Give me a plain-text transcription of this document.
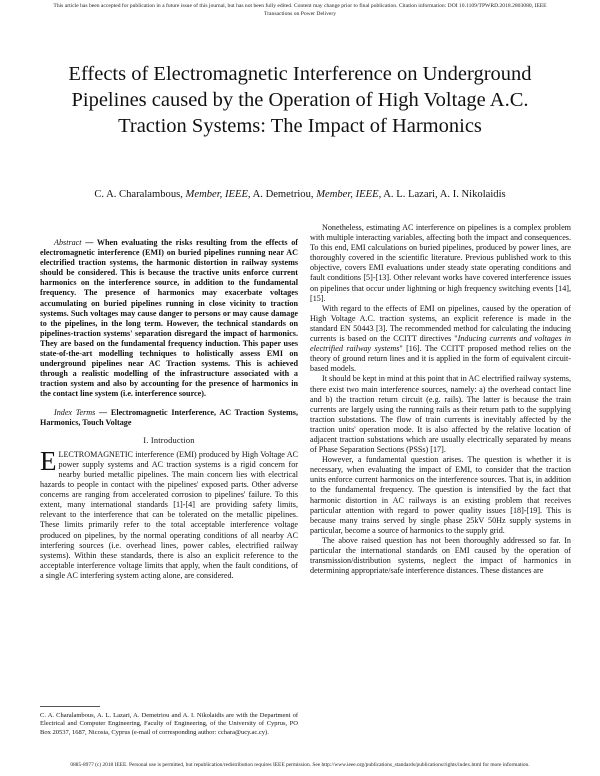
This article has been accepted for publication in a future issue of this journal, but has not been fully edited. Content may change prior to final publication. Citation information: DOI 10.1109/TPWRD.2018.2803080, IEEE
Transactions on Power Delivery
Effects of Electromagnetic Interference on Underground Pipelines caused by the Operation of High Voltage A.C. Traction Systems: The Impact of Harmonics
C. A. Charalambous, Member, IEEE, A. Demetriou, Member, IEEE, A. L. Lazari, A. I. Nikolaidis

Abstract — When evaluating the risks resulting from the effects of electromagnetic interference (EMI) on buried pipelines running near AC electrified traction systems, the harmonic distortion in railway systems should be considered. This is because the tractive units enforce current harmonics on the interference source, in addition to the fundamental frequency. The presence of harmonics may exacerbate voltages accumulating on buried pipelines running in close vicinity to traction systems. Such voltages may cause danger to persons or may cause damage to the pipelines, in the long term. However, the technical standards on pipelines-traction systems' separation disregard the impact of harmonics. They are based on the fundamental frequency induction. This paper uses state-of-the-art modelling techniques to holistically assess EMI on underground pipelines near AC Traction systems. This is achieved through a realistic modelling of the infrastructure associated with a traction system and also by accounting for the presence of harmonics in the contact line system (i.e. interference source).

Index Terms — Electromagnetic Interference, AC Traction Systems, Harmonics, Touch Voltage

I. Introduction

ELECTROMAGNETIC interference (EMI) produced by High Voltage AC power supply systems and AC traction systems is a rigid concern for nearby buried metallic pipelines. The main concern lies with electrical hazards to people in contact with the pipelines' exposed parts. Other adverse concerns are ranging from accelerated corrosion to pipelines' failure. To this extent, many international standards [1]-[4] are providing safety limits, relevant to the interference that can be tolerated on the metallic pipelines. These limits primarily refer to the total acceptable interference voltage produced on pipelines, by the normal operating conditions of all nearby AC interfering sources (i.e. overhead lines, power cables, electrified railway systems). Within these standards, there is also an explicit reference to the acceptable interference voltage limits that apply, when the fault conditions, of a single AC interfering system acting alone, are considered.

C. A. Charalambous, A. L. Lazari, A. Demetriou and A. I. Nikolaidis are with the Department of Electrical and Computer Engineering, Faculty of Engineering, of the University of Cyprus, PO Box 20537, 1687, Nicosia, Cyprus (e-mail of corresponding author: cchara@ucy.ac.cy).

Nonetheless, estimating AC interference on pipelines is a complex problem with multiple interacting variables, affecting both the impact and consequences. To this end, EMI calculations on buried pipelines, produced by power lines, are thoroughly covered in the scientific literature. Previous published work to this objective, covers EMI evaluations under steady state operating conditions and fault conditions [5]-[13]. Other relevant works have covered interference issues on pipelines that occur under lightning or high frequency switching events [14], [15].

With regard to the effects of EMI on pipelines, caused by the operation of High Voltage A.C. traction systems, an explicit reference is made in the standard EN 50443 [3]. The recommended method for calculating the inducing currents is based on the CCITT directives "Inducing currents and voltages in electrified railway systems" [16]. The CCITT proposed method relies on the theory of ground return lines and it is applied in the form of equivalent circuit-based models.

It should be kept in mind at this point that in AC electrified railway systems, there exist two main interference sources, namely: a) the overhead contact line and b) the traction return circuit (e.g. rails). The latter is because the train currents are largely using the running rails as their return path to the supplying traction substations. The flow of train currents is inevitably affected by the traction units' operation mode. It is also affected by the relative location of adjacent traction substations which are usually electrically separated by means of Phase Separation Sections (PSSs) [17].

However, a fundamental question arises. The question is whether it is necessary, when evaluating the impact of EMI, to consider that the traction units enforce current harmonics on the interference sources. That is, in addition to the fundamental frequency. The question is intensified by the fact that harmonic distortion in AC railways is an existing problem that receives particular attention with regard to power quality issues [18]-[19]. This is because many trains served by single phase 25kV 50Hz supply systems in particular, become a source of harmonics to the supply grid.

The above raised question has not been thoroughly addressed so far. In particular the international standards on EMI caused by the operation of transmission/distribution systems, neglect the impact of harmonics in determining appropriate/safe interference distances. These distances are

0885-8977 (c) 2018 IEEE. Personal use is permitted, but republication/redistribution requires IEEE permission. See http://www.ieee.org/publications_standards/publications/rights/index.html for more information.
